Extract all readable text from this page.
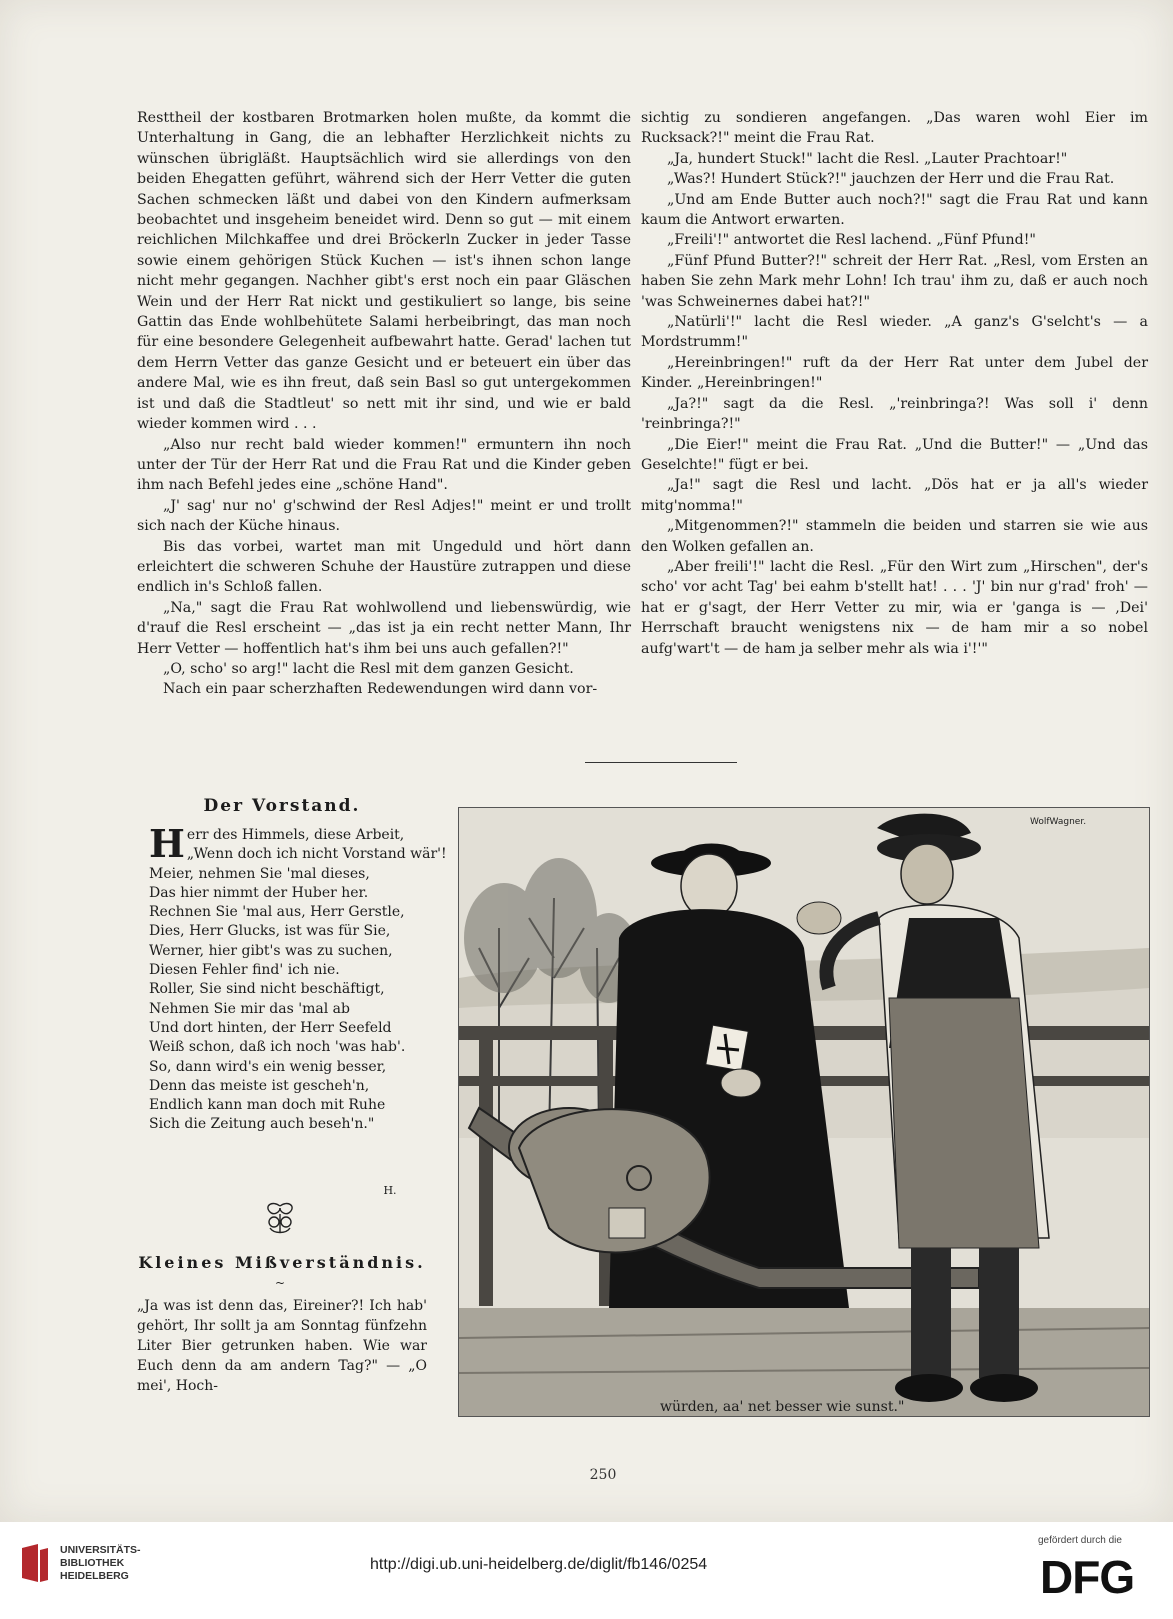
Resttheil der kostbaren Brotmarken holen mußte, da kommt die Unterhaltung in Gang, die an lebhafter Herzlichkeit nichts zu wünschen übrigläßt. Hauptsächlich wird sie allerdings von den beiden Ehegatten geführt, während sich der Herr Vetter die guten Sachen schmecken läßt und dabei von den Kindern aufmerksam beobachtet und insgeheim beneidet wird. Denn so gut — mit einem reichlichen Milchkaffee und drei Bröckerln Zucker in jeder Tasse sowie einem gehörigen Stück Kuchen — ist's ihnen schon lange nicht mehr gegangen. Nachher gibt's erst noch ein paar Gläschen Wein und der Herr Rat nickt und gestikuliert so lange, bis seine Gattin das Ende wohlbehütete Salami herbeibringt, das man noch für eine besondere Gelegenheit aufbewahrt hatte. Gerad' lachen tut dem Herrn Vetter das ganze Gesicht und er beteuert ein über das andere Mal, wie es ihn freut, daß sein Basl so gut untergekommen ist und daß die Stadtleut' so nett mit ihr sind, und wie er bald wieder kommen wird . . .

„Also nur recht bald wieder kommen!" ermuntern ihn noch unter der Tür der Herr Rat und die Frau Rat und die Kinder geben ihm nach Befehl jedes eine „schöne Hand".

„J' sag' nur no' g'schwind der Resl Adjes!" meint er und trollt sich nach der Küche hinaus.

Bis das vorbei, wartet man mit Ungeduld und hört dann erleichtert die schweren Schuhe der Haustüre zutrappen und diese endlich in's Schloß fallen.

„Na," sagt die Frau Rat wohlwollend und liebenswürdig, wie d'rauf die Resl erscheint — „das ist ja ein recht netter Mann, Ihr Herr Vetter — hoffentlich hat's ihm bei uns auch gefallen?!"

„O, scho' so arg!" lacht die Resl mit dem ganzen Gesicht.

Nach ein paar scherzhaften Redewendungen wird dann vor-

sichtig zu sondieren angefangen. „Das waren wohl Eier im Rucksack?!" meint die Frau Rat.

„Ja, hundert Stuck!" lacht die Resl. „Lauter Prachtoar!"

„Was?! Hundert Stück?!" jauchzen der Herr und die Frau Rat.

„Und am Ende Butter auch noch?!" sagt die Frau Rat und kann kaum die Antwort erwarten.

„Freili'!" antwortet die Resl lachend. „Fünf Pfund!"

„Fünf Pfund Butter?!" schreit der Herr Rat. „Resl, vom Ersten an haben Sie zehn Mark mehr Lohn! Ich trau' ihm zu, daß er auch noch 'was Schweinernes dabei hat?!"

„Natürli'!" lacht die Resl wieder. „A ganz's G'selcht's — a Mordstrumm!"

„Hereinbringen!" ruft da der Herr Rat unter dem Jubel der Kinder. „Hereinbringen!"

„Ja?!" sagt da die Resl. „'reinbringa?! Was soll i' denn 'reinbringa?!"

„Die Eier!" meint die Frau Rat. „Und die Butter!" — „Und das Geselchte!" fügt er bei.

„Ja!" sagt die Resl und lacht. „Dös hat er ja all's wieder mitg'nomma!"

„Mitgenommen?!" stammeln die beiden und starren sie wie aus den Wolken gefallen an.

„Aber freili'!" lacht die Resl. „Für den Wirt zum „Hirschen", der's scho' vor acht Tag' bei eahm b'stellt hat! . . . 'J' bin nur g'rad' froh' — hat er g'sagt, der Herr Vetter zu mir, wia er 'ganga is — ,Dei' Herrschaft braucht wenigstens nix — de ham mir a so nobel aufg'wart't — de ham ja selber mehr als wia i'!'"

Der Vorstand.
Herr des Himmels, diese Arbeit,
„Wenn doch ich nicht Vorstand wär'!
Meier, nehmen Sie 'mal dieses,
Das hier nimmt der Huber her.
Rechnen Sie 'mal aus, Herr Gerstle,
Dies, Herr Glucks, ist was für Sie,
Werner, hier gibt's was zu suchen,
Diesen Fehler find' ich nie.
Roller, Sie sind nicht beschäftigt,
Nehmen Sie mir das 'mal ab
Und dort hinten, der Herr Seefeld
Weiß schon, daß ich noch 'was hab'.
So, dann wird's ein wenig besser,
Denn das meiste ist gescheh'n,
Endlich kann man doch mit Ruhe
Sich die Zeitung auch beseh'n."
H.
Kleines Mißverständnis.
~

„Ja was ist denn das, Eireiner?! Ich hab' gehört, Ihr sollt ja am Sonntag fünfzehn Liter Bier getrunken haben. Wie war Euch denn da am andern Tag?" — „O mei', Hoch-

WolfWagner.
würden, aa' net besser wie sunst."
250
UNIVERSITÄTS-
BIBLIOTHEK
HEIDELBERG
http://digi.ub.uni-heidelberg.de/diglit/fb146/0254
gefördert durch die
DFG
